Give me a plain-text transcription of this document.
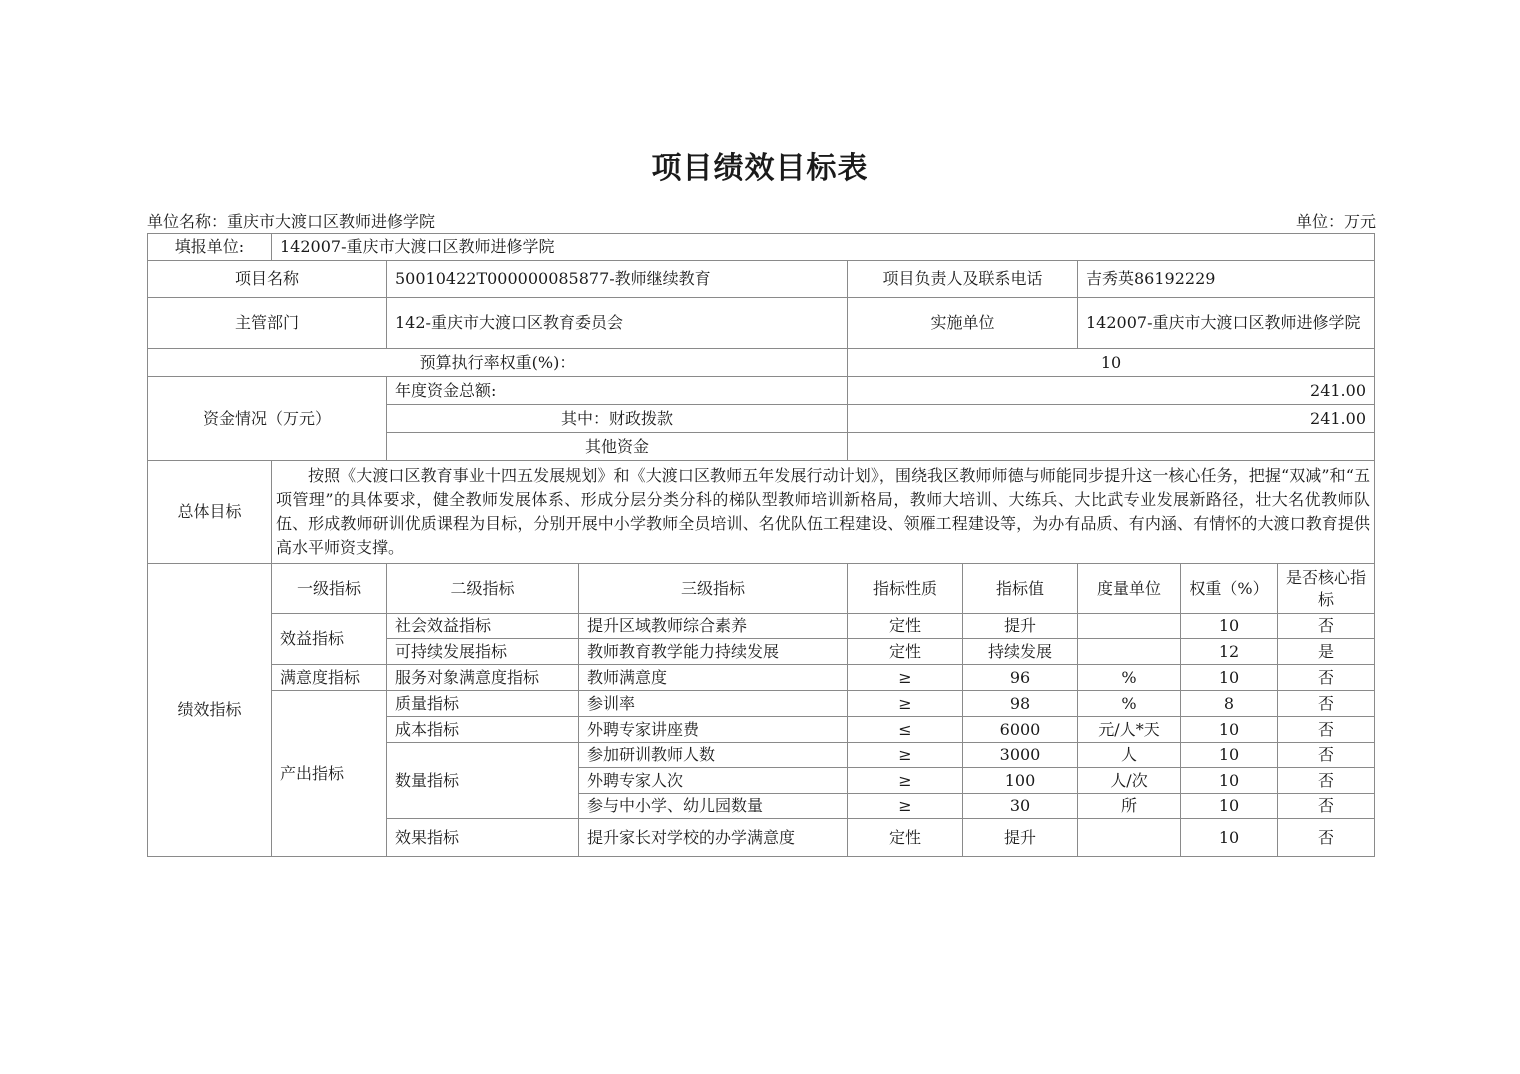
项目绩效目标表
单位名称：重庆市大渡口区教师进修学院	单位：万元
填报单位:	142007-重庆市大渡口区教师进修学院							
项目名称		50010422T000000085877-教师继续教育		项目负责人及联系电话		吉秀英86192229		
主管部门		142-重庆市大渡口区教育委员会		实施单位		142007-重庆市大渡口区教师进修学院		
预算执行率权重(%)：				10				
资金情况（万元）		年度资金总额:		241.00				
		其中：财政拨款		241.00				
		其他资金						
总体目标	按照《大渡口区教育事业十四五发展规划》和《大渡口区教师五年发展行动计划》，围绕我区教师师德与师能同步提升这一核心任务，把握“双减”和“五项管理”的具体要求，健全教师发展体系、形成分层分类分科的梯队型教师培训新格局，教师大培训、大练兵、大比武专业发展新路径，壮大名优教师队伍、形成教师研训优质课程为目标，分别开展中小学教师全员培训、名优队伍工程建设、领雁工程建设等，为办有品质、有内涵、有情怀的大渡口教育提供高水平师资支撑。							
绩效指标	一级指标	二级指标	三级指标	指标性质	指标值	度量单位	权重（%）	是否核心指标
	效益指标	社会效益指标	提升区域教师综合素养	定性	提升		10	否
		可持续发展指标	教师教育教学能力持续发展	定性	持续发展		12	是
	满意度指标	服务对象满意度指标	教师满意度	≥	96	%	10	否
	产出指标	质量指标	参训率	≥	98	%	8	否
		成本指标	外聘专家讲座费	≤	6000	元/人*天	10	否
		数量指标	参加研训教师人数	≥	3000	人	10	否
			外聘专家人次	≥	100	人/次	10	否
			参与中小学、幼儿园数量	≥	30	所	10	否
		效果指标	提升家长对学校的办学满意度	定性	提升		10	否
